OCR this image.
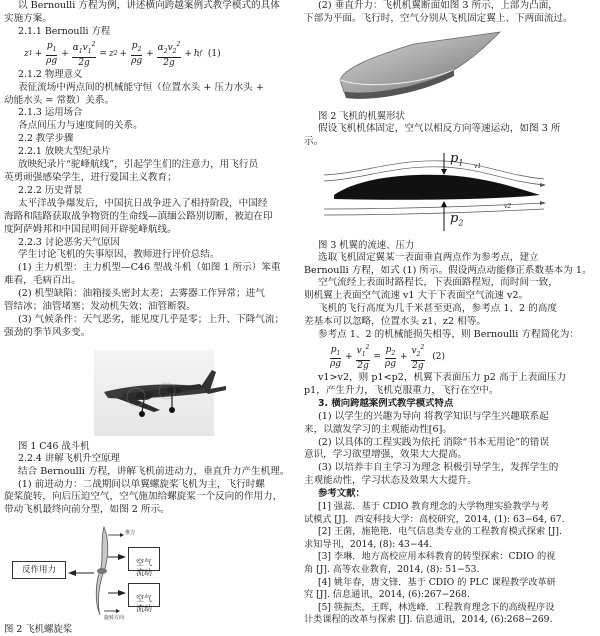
以 Bernoulli 方程为例，讲述横向跨越案例式教学模式的具体
实施方案。
2.1.1 Bernoulli 方程
z $1 + \frac{p_1}{\rho g} + \frac{\alpha_1v_1^2}{2g} = z$ $2 + \frac{p_2}{\rho g} + \frac{\alpha_2v_2^2}{2g} + h$ f (1)
2.1.2 物理意义
表征流场中两点间的机械能守恒（位置水头 + 压力水头 +
动能水头 = 常数）关系。
2.1.3 运用场合
各点间压力与速度间的关系。
2.2 教学步骤
2.2.1 放映大型纪录片
放映纪录片“驼峰航线”，引起学生们的注意力，用飞行员
英勇顽强感染学生，进行爱国主义教育；
2.2.2 历史背景
太平洋战争爆发后，中国抗日战争进入了相持阶段，中国经
海路和陆路获取战争物资的生命线—滇缅公路别切断，被迫在印
度阿萨姆邦和中国昆明间开辟驼峰航线。
2.2.3 讨论恶劣天气原因
学生讨论飞机的失事原因，教师进行评价总结。
(1) 主力机型：主力机型—C46 型战斗机（如图 1 所示）笨重
难看，毛病百出。
(2) 机型缺陷：油箱接头密封太差；去雾器工作异常；进气
管结冰；油管堵塞；发动机失效；油管断裂。
(3) 气候条件：天气恶劣，能见度几乎是零；上升、下降气流；
强劲的季节风多变。
图 1 C46 战斗机
2.2.4 讲解飞机升空原理
结合 Bernoulli 方程，讲解飞机前进动力，垂直升力产生机理。
(1) 前进动力：二战期间以单翼螺旋桨飞机为主，飞行时螺
旋桨旋转，向后压迫空气，空气施加给螺旋桨一个反向的作用力，
带动飞机最终向前分型，如图 2 所示。
反作用力

空气
流动

空气
流动

推力
旋转方向
图 2 飞机螺旋桨
(2) 垂直升力：飞机机翼断面如图 3 所示，上部为凸面，
下部为平面。飞行时，空气分别从飞机固定翼上、下两面流过。
图 2 飞机的机翼形状
假设飞机机体固定，空气以相反方向等速运动，如图 3 所
示。
$p_1$
$p_2$
v1
v2
图 3 机翼的流速、压力
选取飞机固定翼某一表面垂直两点作为参考点，建立
Bernoulli 方程，如式 (1) 所示。假设两点动能修正系数基本为 1。
空气流经上表面时路程长，下表面路程短，而时间一致，
则机翼上表面空气流速 v1 大于下表面空气流速 v2。
飞机的飞行高度为几千米甚至更高，参考点 1、2 的高度
差基本可以忽略，位置水头 z1、z2 相等。
参考点 1、2 的机械能损失相等，则 Bernoulli 方程简化为：
$\frac{p_1}{\rho g} + \frac{v_1^2}{2g} = \frac{p_2}{\rho g} + \frac{v_2^2}{2g} (2)$
v1>v2，则 p1<p2，机翼下表面压力 p2 高于上表面压力
p1，产生升力，飞机克服重力，飞行在空中。
3. 横向跨越案例式教学模式特点
(1) 以学生的兴趣为导向 将教学知识与学生兴趣联系起
来，以激发学习的主观能动性[6]。
(2) 以具体的工程实践为依托 消除“书本无用论”的错误
意识，学习欲望增强，效果大大提高。
(3) 以培养丰自主学习为理念 积极引导学生，发挥学生的
主观能动性，学习状态及效果大大提升。
参考文献：
[1] 强蕊．基于 CDIO 教育理念的大学物理实验教学与考
试模式 [J]．西安科技大学：高校研究，2014, (1): 63−64, 67.
[2] 王菌，施艳艳．电气信息类专业的工程教育模式探索 [J].
求知导刊，2014, (8): 43−44.
[3] 李琳．地方高校应用本科教育的转型探索：CDIO 的视
角 [J]. 高等农业教育，2014, (8): 51−53.
[4] 姚年春，唐文锋．基于 CDIO 的 PLC 课程教学改革研
究 [J]. 信息通讯，2014, (6):267−268.
[5] 筷振杰，王晖，林选峰．工程教育理念下的高级程序设
计类课程的改革与探索 [J]. 信息通讯，2014, (6):268−269.
